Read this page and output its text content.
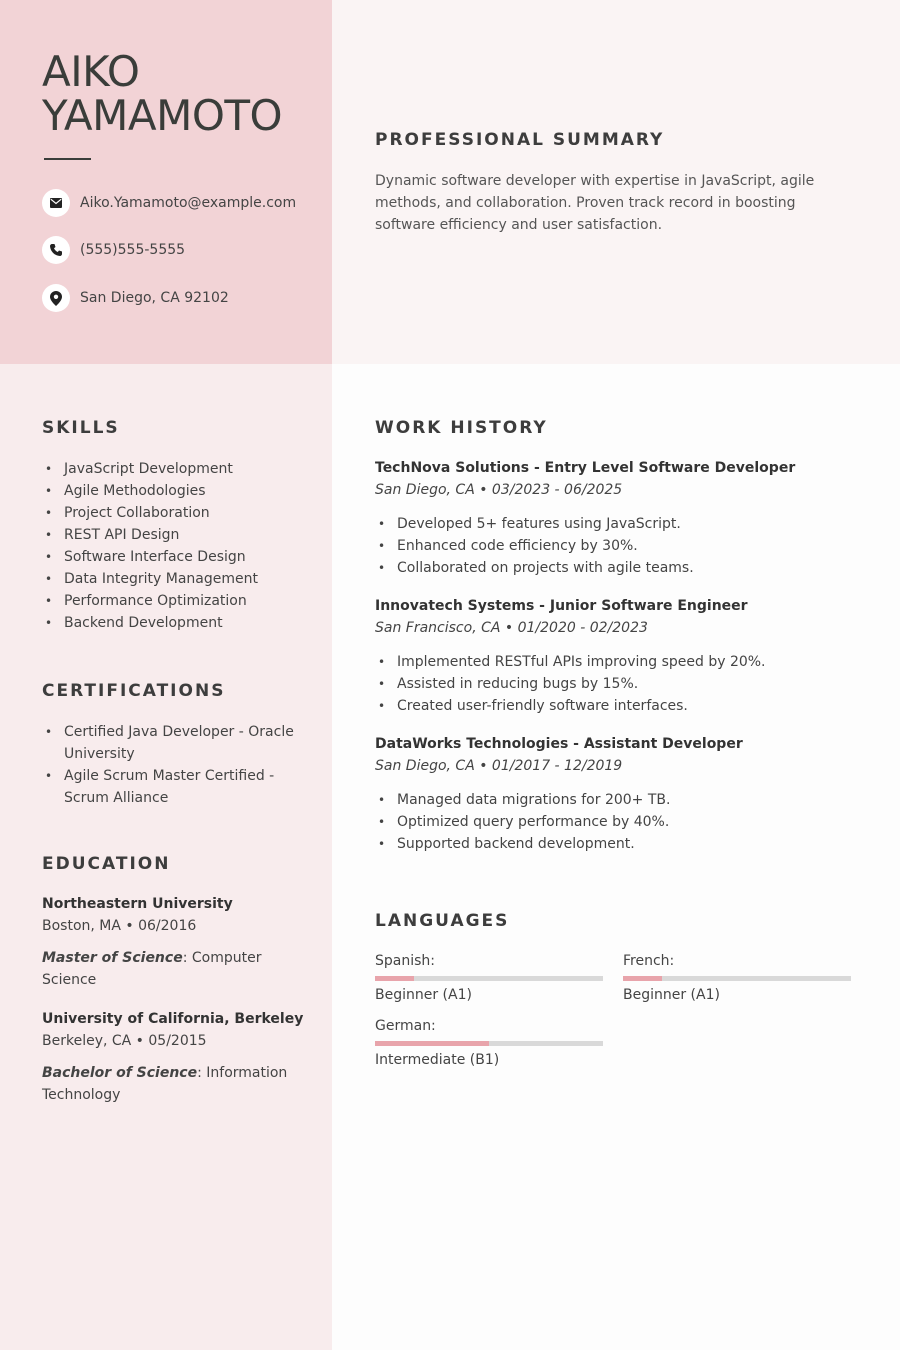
AIKO
YAMAMOTO
Aiko.Yamamoto@example.com
(555)555-5555
San Diego, CA 92102
PROFESSIONAL SUMMARY
Dynamic software developer with expertise in JavaScript, agile methods, and collaboration. Proven track record in boosting software efficiency and user satisfaction.
SKILLS
• JavaScript Development
• Agile Methodologies
• Project Collaboration
• REST API Design
• Software Interface Design
• Data Integrity Management
• Performance Optimization
• Backend Development
CERTIFICATIONS
• Certified Java Developer - Oracle University
• Agile Scrum Master Certified - Scrum Alliance
EDUCATION
Northeastern University
Boston, MA • 06/2016
Master of Science: Computer Science
University of California, Berkeley
Berkeley, CA • 05/2015
Bachelor of Science: Information Technology
WORK HISTORY
TechNova Solutions - Entry Level Software Developer
San Diego, CA • 03/2023 - 06/2025
• Developed 5+ features using JavaScript.
• Enhanced code efficiency by 30%.
• Collaborated on projects with agile teams.
Innovatech Systems - Junior Software Engineer
San Francisco, CA • 01/2020 - 02/2023
• Implemented RESTful APIs improving speed by 20%.
• Assisted in reducing bugs by 15%.
• Created user-friendly software interfaces.
DataWorks Technologies - Assistant Developer
San Diego, CA • 01/2017 - 12/2019
• Managed data migrations for 200+ TB.
• Optimized query performance by 40%.
• Supported backend development.
LANGUAGES
Spanish:
Beginner (A1)
French:
Beginner (A1)
German:
Intermediate (B1)
